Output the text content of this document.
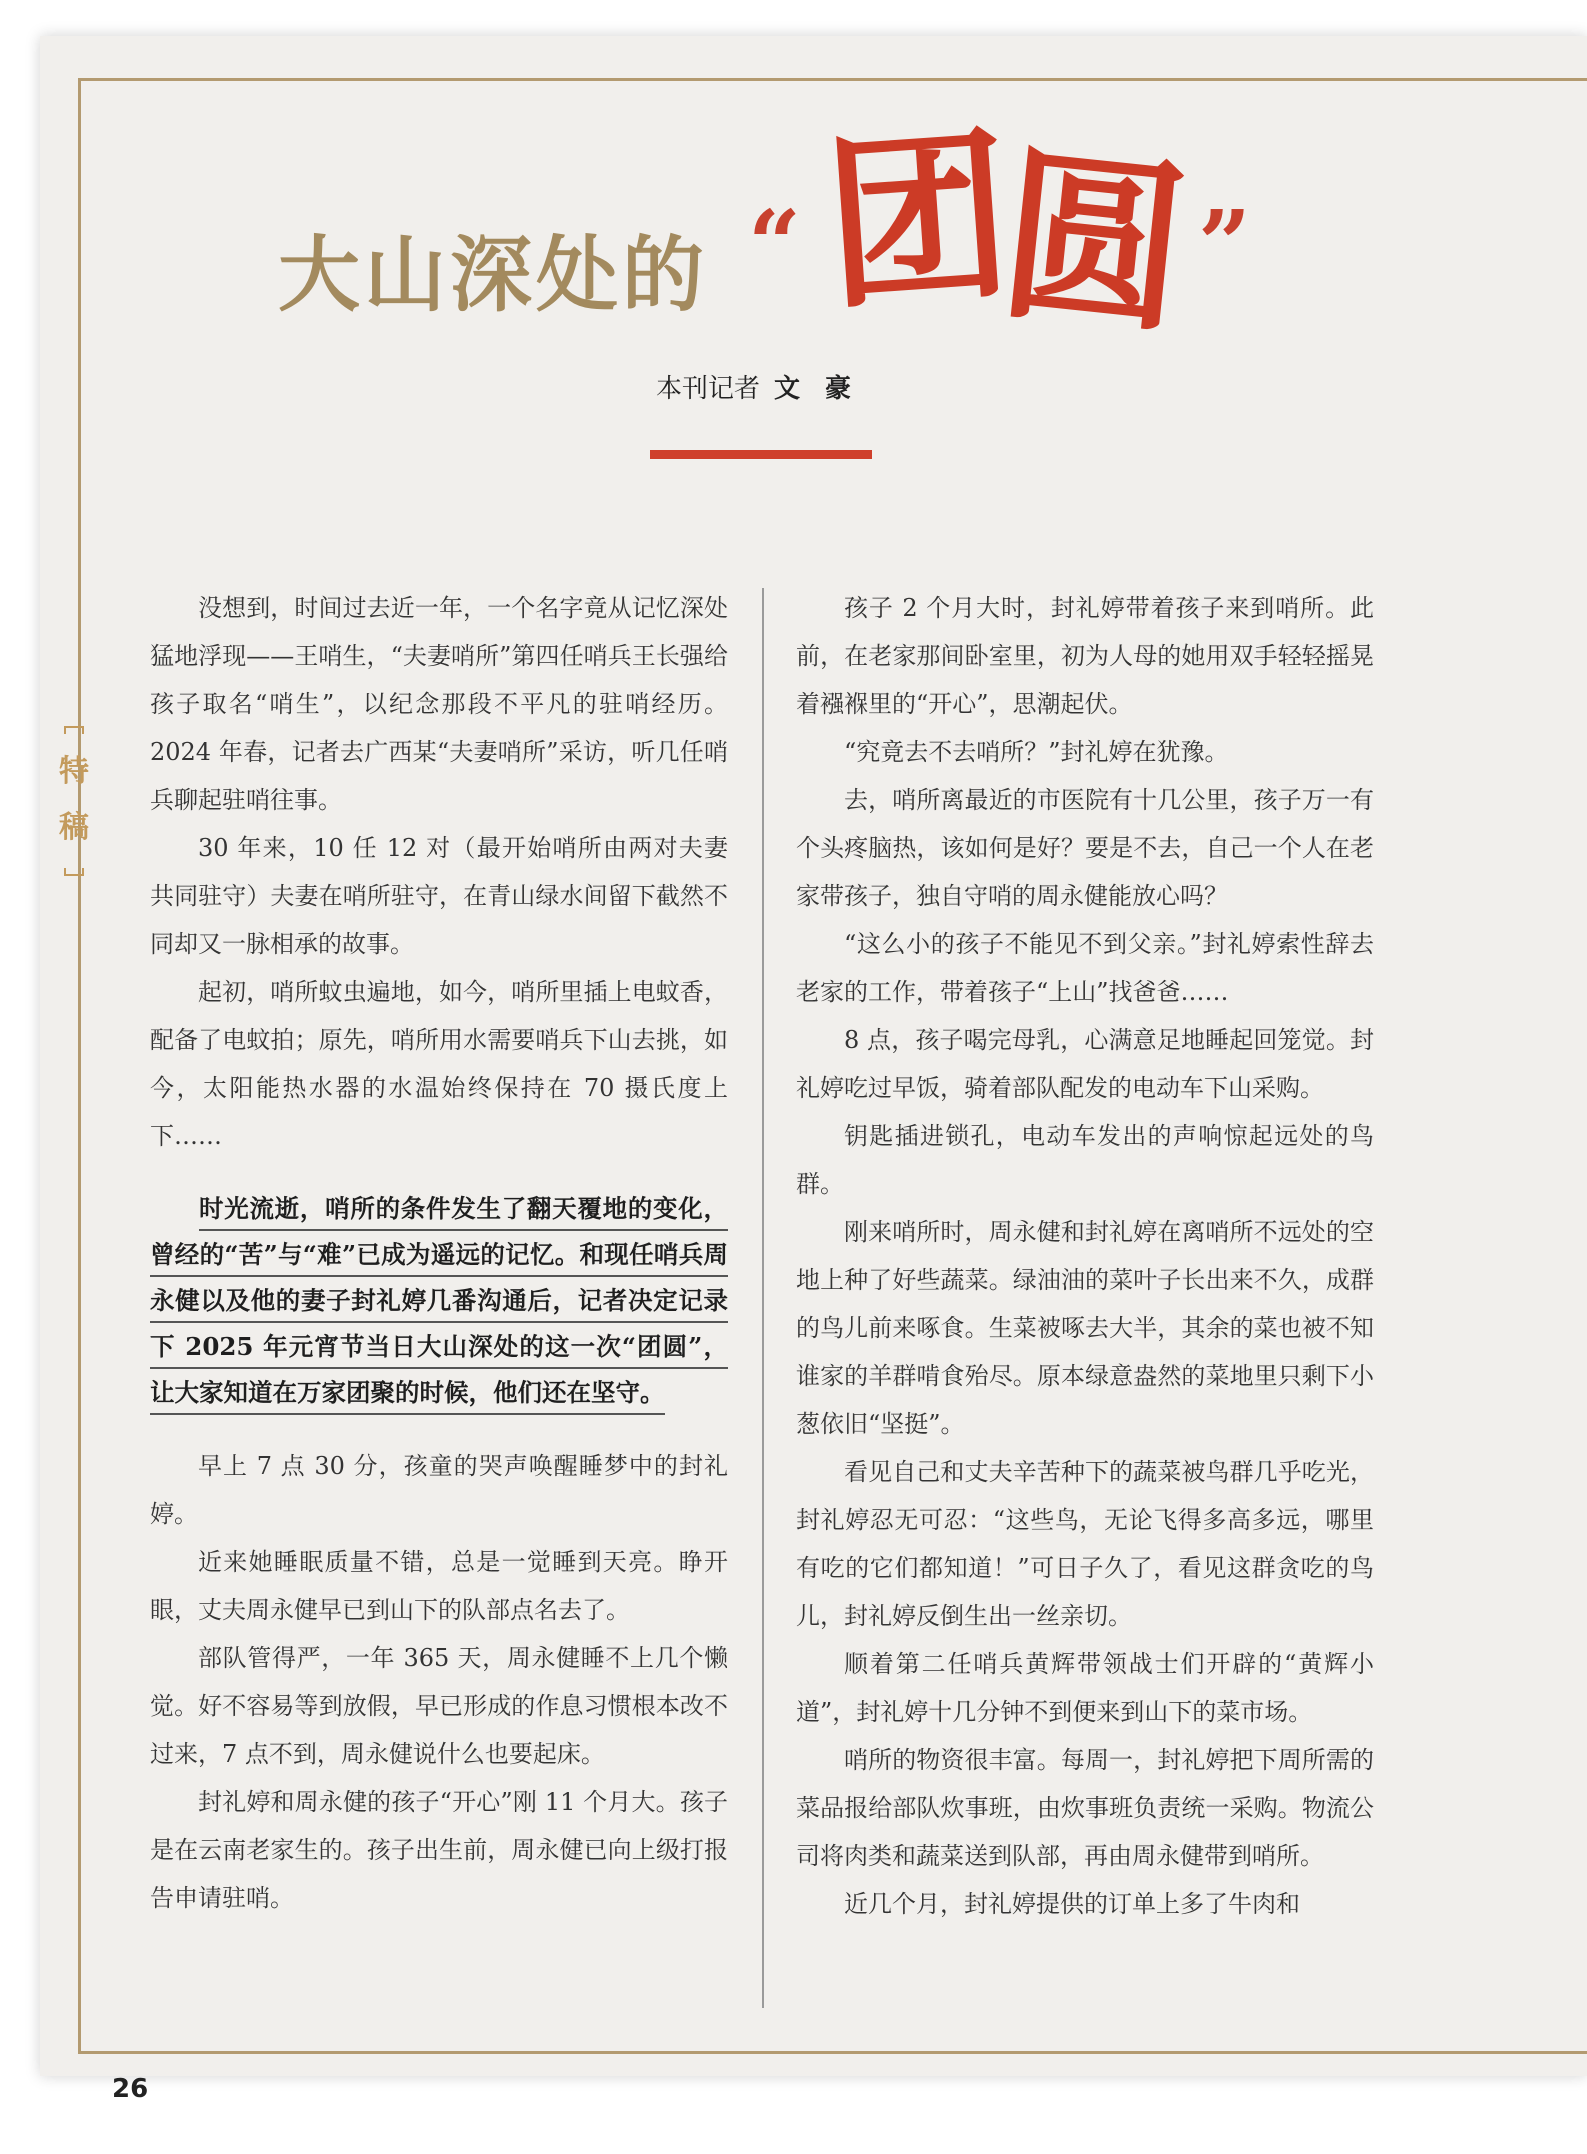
大山深处的 “ 团圆 ”
本刊记者 文 豪
特
稿

没想到，时间过去近一年，一个名字竟从记忆深处猛地浮现——王哨生，“夫妻哨所”第四任哨兵王长强给孩子取名“哨生”，以纪念那段不平凡的驻哨经历。2024 年春，记者去广西某“夫妻哨所”采访，听几任哨兵聊起驻哨往事。

30 年来，10 任 12 对（最开始哨所由两对夫妻共同驻守）夫妻在哨所驻守，在青山绿水间留下截然不同却又一脉相承的故事。

起初，哨所蚊虫遍地，如今，哨所里插上电蚊香，配备了电蚊拍；原先，哨所用水需要哨兵下山去挑，如今，太阳能热水器的水温始终保持在 70 摄氏度上下……

时光流逝，哨所的条件发生了翻天覆地的变化，曾经的“苦”与“难”已成为遥远的记忆。和现任哨兵周永健以及他的妻子封礼婷几番沟通后，记者决定记录下 2025 年元宵节当日大山深处的这一次“团圆”，让大家知道在万家团聚的时候，他们还在坚守。

早上 7 点 30 分，孩童的哭声唤醒睡梦中的封礼婷。

近来她睡眠质量不错，总是一觉睡到天亮。睁开眼，丈夫周永健早已到山下的队部点名去了。

部队管得严，一年 365 天，周永健睡不上几个懒觉。好不容易等到放假，早已形成的作息习惯根本改不过来，7 点不到，周永健说什么也要起床。

封礼婷和周永健的孩子“开心”刚 11 个月大。孩子是在云南老家生的。孩子出生前，周永健已向上级打报告申请驻哨。

孩子 2 个月大时，封礼婷带着孩子来到哨所。此前，在老家那间卧室里，初为人母的她用双手轻轻摇晃着襁褓里的“开心”，思潮起伏。

“究竟去不去哨所？”封礼婷在犹豫。

去，哨所离最近的市医院有十几公里，孩子万一有个头疼脑热，该如何是好？要是不去，自己一个人在老家带孩子，独自守哨的周永健能放心吗？

“这么小的孩子不能见不到父亲。”封礼婷索性辞去老家的工作，带着孩子“上山”找爸爸……

8 点，孩子喝完母乳，心满意足地睡起回笼觉。封礼婷吃过早饭，骑着部队配发的电动车下山采购。

钥匙插进锁孔，电动车发出的声响惊起远处的鸟群。

刚来哨所时，周永健和封礼婷在离哨所不远处的空地上种了好些蔬菜。绿油油的菜叶子长出来不久，成群的鸟儿前来啄食。生菜被啄去大半，其余的菜也被不知谁家的羊群啃食殆尽。原本绿意盎然的菜地里只剩下小葱依旧“坚挺”。

看见自己和丈夫辛苦种下的蔬菜被鸟群几乎吃光，封礼婷忍无可忍：“这些鸟，无论飞得多高多远，哪里有吃的它们都知道！”可日子久了，看见这群贪吃的鸟儿，封礼婷反倒生出一丝亲切。

顺着第二任哨兵黄辉带领战士们开辟的“黄辉小道”，封礼婷十几分钟不到便来到山下的菜市场。

哨所的物资很丰富。每周一，封礼婷把下周所需的菜品报给部队炊事班，由炊事班负责统一采购。物流公司将肉类和蔬菜送到队部，再由周永健带到哨所。

近几个月，封礼婷提供的订单上多了牛肉和

26
